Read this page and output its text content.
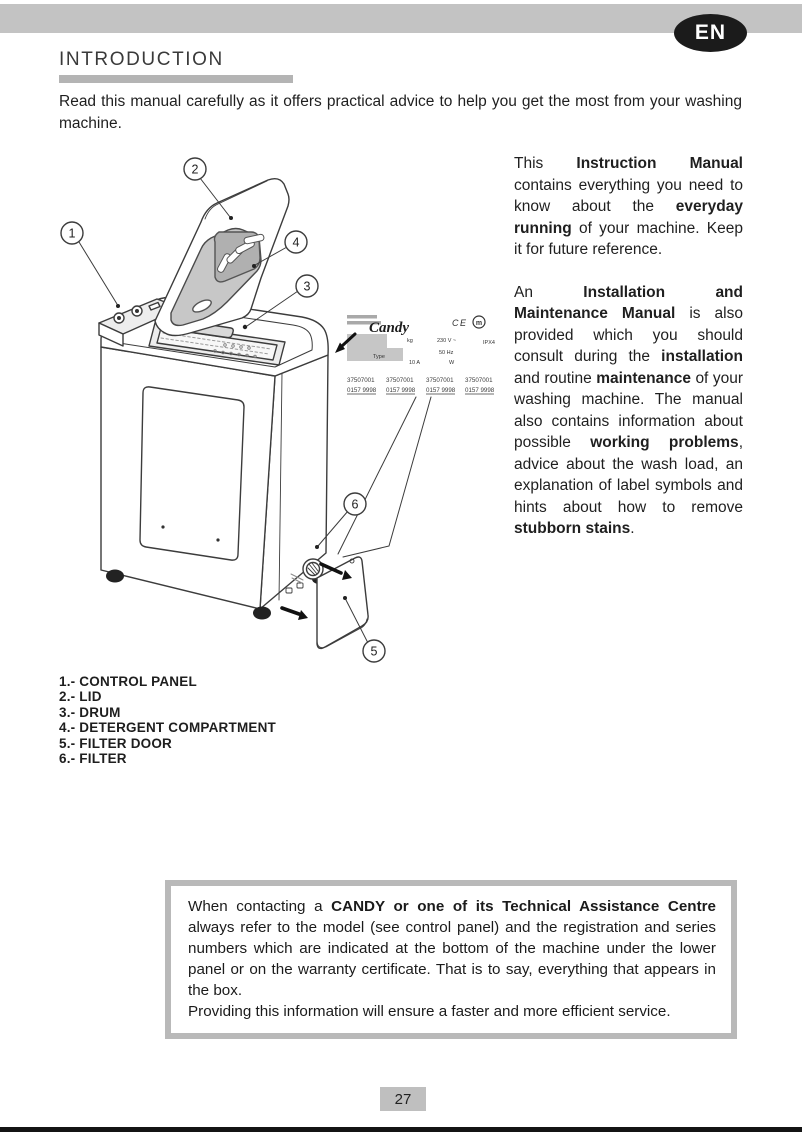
EN
INTRODUCTION
Read this manual carefully as it offers practical advice to help you get the most from your washing machine.
Candy	CE m
kg	230 V ~	IPX4
Type
50 Hz
10 A	W
37507001 37507001 37507001 37507001
0157 9998 0157 9998 0157 9998 0157 9998
1
2
3
4
5
6

This Instruction Manual contains everything you need to know about the everyday running of your machine. Keep it for future reference.

An Installation and Maintenance Manual is also provided which you should consult during the installation and routine maintenance of your washing machine. The manual also contains information about possible working problems, advice about the wash load, an explanation of label symbols and hints about how to remove stubborn stains.

1.- CONTROL PANEL
2.- LID
3.- DRUM
4.- DETERGENT COMPARTMENT
5.- FILTER DOOR
6.- FILTER

When contacting a CANDY or one of its Technical Assistance Centre always refer to the model (see control panel) and the registration and series numbers which are indicated at the bottom of the machine under the lower panel or on the warranty certificate. That is to say, everything that appears in the box.

Providing this information will ensure a faster and more efficient service.

27
